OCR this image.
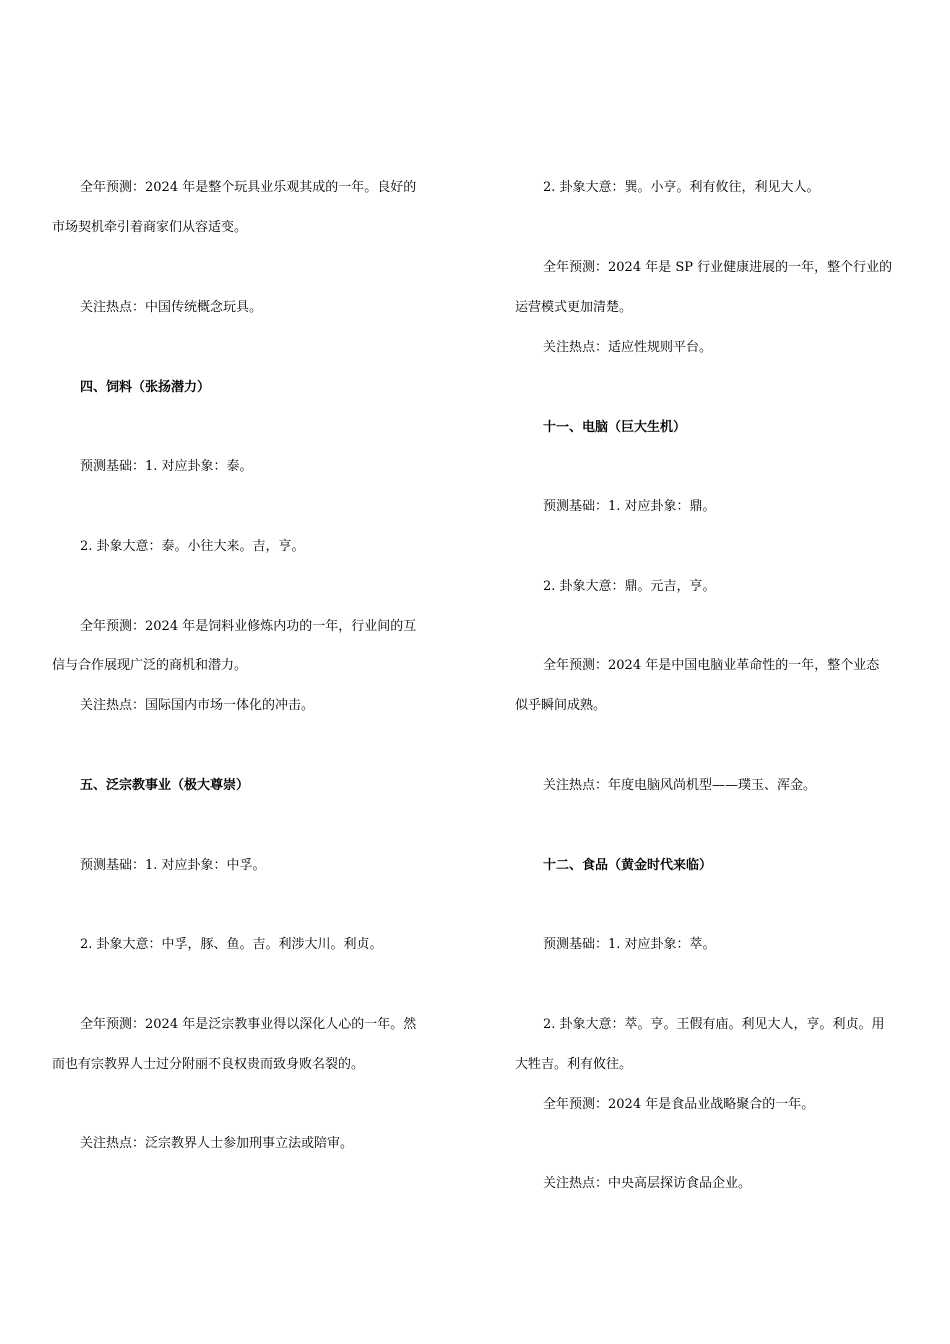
全年预测：2024 年是整个玩具业乐观其成的一年。良好的
市场契机牵引着商家们从容适变。
关注热点：中国传统概念玩具。
四、饲料（张扬潜力）
预测基础：1. 对应卦象：泰。
2. 卦象大意：泰。小往大来。吉，亨。
全年预测：2024 年是饲料业修炼内功的一年，行业间的互
信与合作展现广泛的商机和潜力。
关注热点：国际国内市场一体化的冲击。
五、泛宗教事业（极大尊崇）
预测基础：1. 对应卦象：中孚。
2. 卦象大意：中孚，豚、鱼。吉。利涉大川。利贞。
全年预测：2024 年是泛宗教事业得以深化人心的一年。然
而也有宗教界人士过分附丽不良权贵而致身败名裂的。
关注热点：泛宗教界人士参加刑事立法或陪审。
2. 卦象大意：巽。小亨。利有攸往，利见大人。
全年预测：2024 年是 SP 行业健康进展的一年，整个行业的
运营模式更加清楚。
关注热点：适应性规则平台。
十一、电脑（巨大生机）
预测基础：1. 对应卦象：鼎。
2. 卦象大意：鼎。元吉，亨。
全年预测：2024 年是中国电脑业革命性的一年，整个业态
似乎瞬间成熟。
关注热点：年度电脑风尚机型——璞玉、浑金。
十二、食品（黄金时代来临）
预测基础：1. 对应卦象：萃。
2. 卦象大意：萃。亨。王假有庙。利见大人，亨。利贞。用
大牲吉。利有攸往。
全年预测：2024 年是食品业战略聚合的一年。
关注热点：中央高层探访食品企业。
